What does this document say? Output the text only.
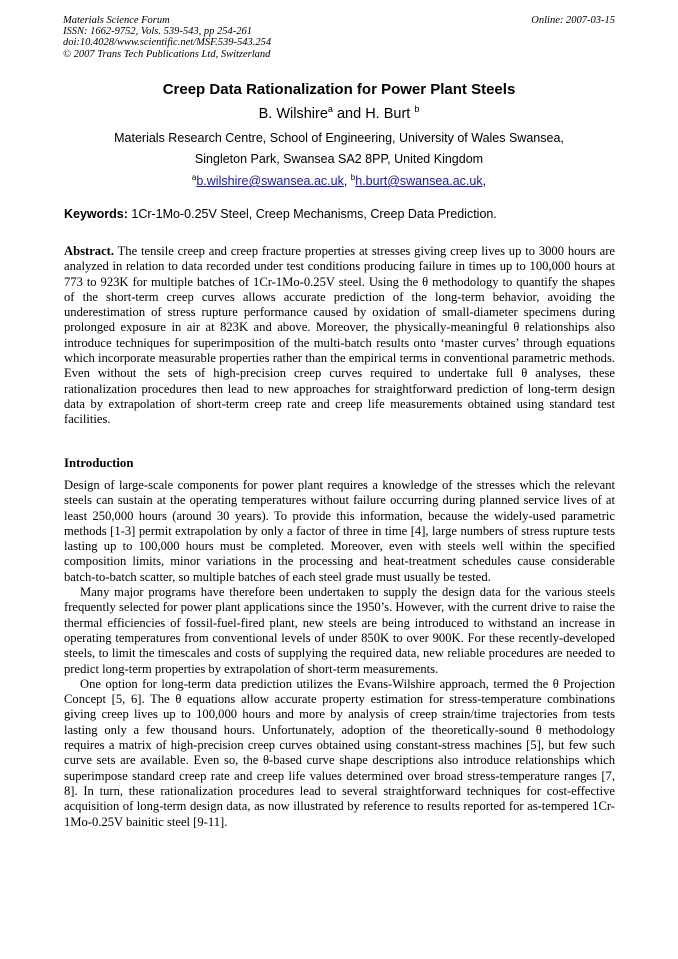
Materials Science Forum
ISSN: 1662-9752, Vols. 539-543, pp 254-261
doi:10.4028/www.scientific.net/MSF.539-543.254
© 2007 Trans Tech Publications Ltd, Switzerland
Online: 2007-03-15
Creep Data Rationalization for Power Plant Steels
B. Wilshire$^a$ and H. Burt $^b$
Materials Research Centre, School of Engineering, University of Wales Swansea,
Singleton Park, Swansea SA2 8PP, United Kingdom
$^a$b.wilshire@swansea.ac.uk, $^b$h.burt@swansea.ac.uk,
Keywords: 1Cr-1Mo-0.25V Steel, Creep Mechanisms, Creep Data Prediction.

Abstract. The tensile creep and creep fracture properties at stresses giving creep lives up to 3000 hours are analyzed in relation to data recorded under test conditions producing failure in times up to 100,000 hours at 773 to 923K for multiple batches of 1Cr-1Mo-0.25V steel. Using the θ methodology to quantify the shapes of the short-term creep curves allows accurate prediction of the long-term behavior, avoiding the underestimation of stress rupture performance caused by oxidation of small-diameter specimens during prolonged exposure in air at 823K and above. Moreover, the physically-meaningful θ relationships also introduce techniques for superimposition of the multi-batch results onto ‘master curves’ through equations which incorporate measurable properties rather than the empirical terms in conventional parametric methods. Even without the sets of high-precision creep curves required to undertake full θ analyses, these rationalization procedures then lead to new approaches for straightforward prediction of long-term design data by extrapolation of short-term creep rate and creep life measurements obtained using standard test facilities.

Introduction

Design of large-scale components for power plant requires a knowledge of the stresses which the relevant steels can sustain at the operating temperatures without failure occurring during planned service lives of at least 250,000 hours (around 30 years). To provide this information, because the widely-used parametric methods [1-3] permit extrapolation by only a factor of three in time [4], large numbers of stress rupture tests lasting up to 100,000 hours must be completed. Moreover, even with steels well within the specified composition limits, minor variations in the processing and heat-treatment schedules cause considerable batch-to-batch scatter, so multiple batches of each steel grade must usually be tested.

Many major programs have therefore been undertaken to supply the design data for the various steels frequently selected for power plant applications since the 1950’s. However, with the current drive to raise the thermal efficiencies of fossil-fuel-fired plant, new steels are being introduced to withstand an increase in operating temperatures from conventional levels of under 850K to over 900K. For these recently-developed steels, to limit the timescales and costs of supplying the required data, new reliable procedures are needed to predict long-term properties by extrapolation of short-term measurements.

One option for long-term data prediction utilizes the Evans-Wilshire approach, termed the θ Projection Concept [5, 6]. The θ equations allow accurate property estimation for stress-temperature combinations giving creep lives up to 100,000 hours and more by analysis of creep strain/time trajectories from tests lasting only a few thousand hours. Unfortunately, adoption of the theoretically-sound θ methodology requires a matrix of high-precision creep curves obtained using constant-stress machines [5], but few such curve sets are available. Even so, the θ-based curve shape descriptions also introduce relationships which superimpose standard creep rate and creep life values determined over broad stress-temperature ranges [7, 8]. In turn, these rationalization procedures lead to several straightforward techniques for cost-effective acquisition of long-term design data, as now illustrated by reference to results reported for as-tempered 1Cr-1Mo-0.25V bainitic steel [9-11].
